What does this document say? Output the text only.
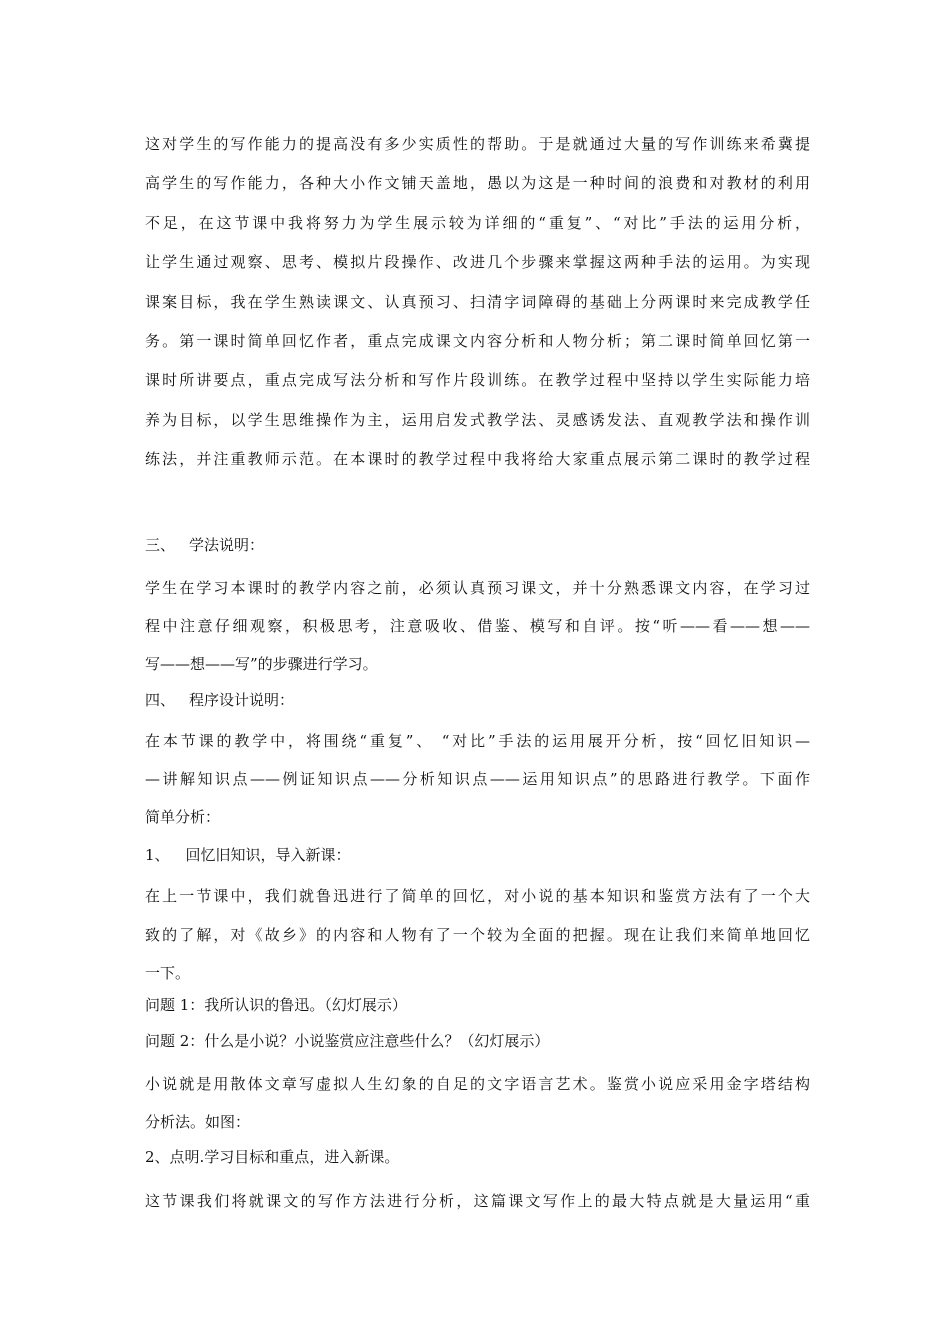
这对学生的写作能力的提高没有多少实质性的帮助。于是就通过大量的写作训练来希冀提
高学生的写作能力，各种大小作文铺天盖地，愚以为这是一种时间的浪费和对教材的利用
不足，在这节课中我将努力为学生展示较为详细的“重复”、“对比”手法的运用分析，
让学生通过观察、思考、模拟片段操作、改进几个步骤来掌握这两种手法的运用。为实现
课案目标，我在学生熟读课文、认真预习、扫清字词障碍的基础上分两课时来完成教学任
务。第一课时简单回忆作者，重点完成课文内容分析和人物分析；第二课时简单回忆第一
课时所讲要点，重点完成写法分析和写作片段训练。在教学过程中坚持以学生实际能力培
养为目标，以学生思维操作为主，运用启发式教学法、灵感诱发法、直观教学法和操作训
练法，并注重教师示范。在本课时的教学过程中我将给大家重点展示第二课时的教学过程
三、 学法说明：
学生在学习本课时的教学内容之前，必须认真预习课文，并十分熟悉课文内容，在学习过
程中注意仔细观察，积极思考，注意吸收、借鉴、模写和自评。按“听——看——想——
写——想——写”的步骤进行学习。
四、 程序设计说明：
在本节课的教学中，将围绕“重复”、 “对比”手法的运用展开分析，按“回忆旧知识—
—讲解知识点——例证知识点——分析知识点——运用知识点”的思路进行教学。下面作
简单分析：
1、 回忆旧知识，导入新课：
在上一节课中，我们就鲁迅进行了简单的回忆，对小说的基本知识和鉴赏方法有了一个大
致的了解，对《故乡》的内容和人物有了一个较为全面的把握。现在让我们来简单地回忆
一下。
问题 1：我所认识的鲁迅。（幻灯展示）
问题 2：什么是小说？小说鉴赏应注意些什么？（幻灯展示）
小说就是用散体文章写虚拟人生幻象的自足的文字语言艺术。鉴赏小说应采用金字塔结构
分析法。如图：
2、点明.学习目标和重点，进入新课。
这节课我们将就课文的写作方法进行分析，这篇课文写作上的最大特点就是大量运用“重
